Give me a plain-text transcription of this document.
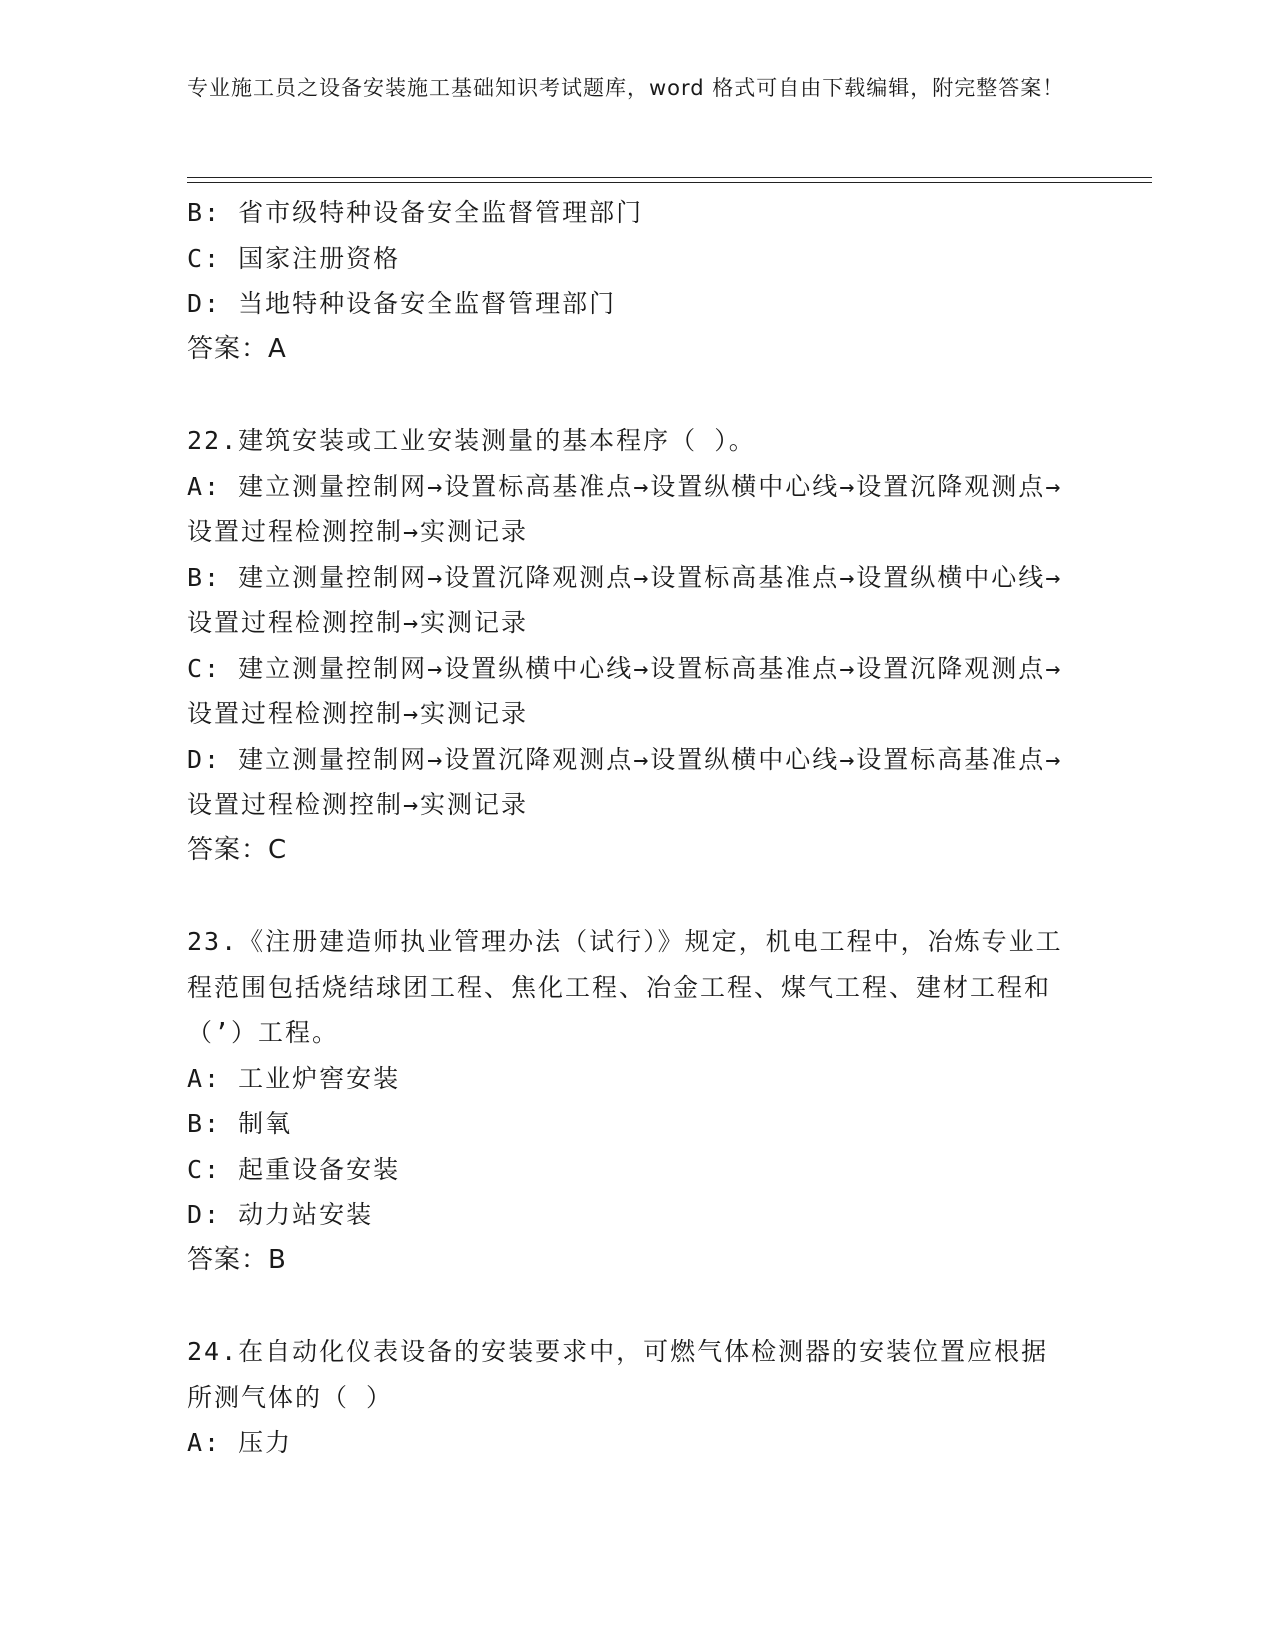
专业施工员之设备安装施工基础知识考试题库，word 格式可自由下载编辑，附完整答案！
B: 省市级特种设备安全监督管理部门
C: 国家注册资格
D: 当地特种设备安全监督管理部门
答案：A
22.建筑安装或工业安装测量的基本程序（ ）。
A: 建立测量控制网→设置标高基准点→设置纵横中心线→设置沉降观测点→设置过程检测控制→实测记录
B: 建立测量控制网→设置沉降观测点→设置标高基准点→设置纵横中心线→设置过程检测控制→实测记录
C: 建立测量控制网→设置纵横中心线→设置标高基准点→设置沉降观测点→设置过程检测控制→实测记录
D: 建立测量控制网→设置沉降观测点→设置纵横中心线→设置标高基准点→设置过程检测控制→实测记录
答案：C
23.《注册建造师执业管理办法（试行）》规定，机电工程中，冶炼专业工程范围包括烧结球团工程、焦化工程、冶金工程、煤气工程、建材工程和（’）工程。
A: 工业炉窖安装
B: 制氧
C: 起重设备安装
D: 动力站安装
答案：B
24.在自动化仪表设备的安装要求中，可燃气体检测器的安装位置应根据所测气体的（ ）
A: 压力
